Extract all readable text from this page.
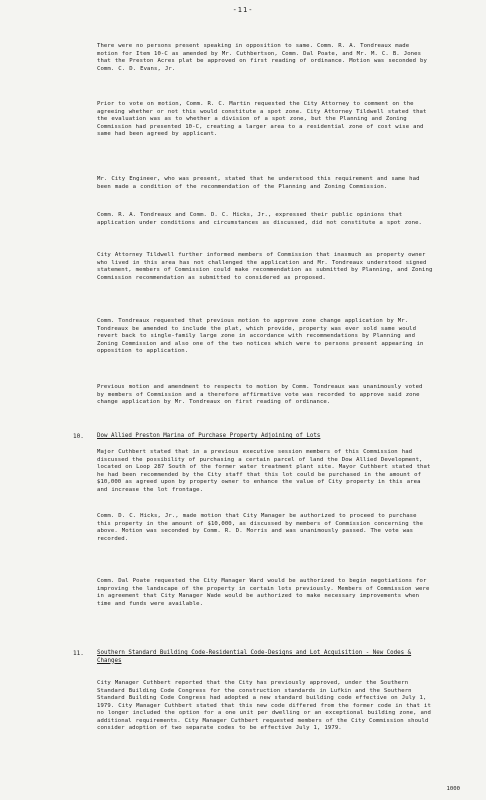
-11-

There were no persons present speaking in opposition to same. Comm. R. A. Tondreaux made motion for Item 10-C as amended by Mr. Cuthbertson, Comm. Dal Poate, and Mr. M. C. B. Jones that the Preston Acres plat be approved on first reading of ordinance. Motion was seconded by Comm. C. D. Evans, Jr.

Prior to vote on motion, Comm. R. C. Martin requested the City Attorney to comment on the agreeing whether or not this would constitute a spot zone. City Attorney Tildwell stated that the evaluation was as to whether a division of a spot zone, but the Planning and Zoning Commission had presented 10-C, creating a larger area to a residential zone of cost wise and same had been agreed by applicant.

Mr. City Engineer, who was present, stated that he understood this requirement and same had been made a condition of the recommendation of the Planning and Zoning Commission.

Comm. R. A. Tondreaux and Comm. D. C. Hicks, Jr., expressed their public opinions that application under conditions and circumstances as discussed, did not constitute a spot zone.

City Attorney Tildwell further informed members of Commission that inasmuch as property owner who lived in this area has not challenged the application and Mr. Tondreaux understood signed statement, members of Commission could make recommendation as submitted by Planning, and Zoning Commission recommendation as submitted to considered as proposed.

Comm. Tondreaux requested that previous motion to approve zone change application by Mr. Tondreaux be amended to include the plat, which provide, property was ever sold same would revert back to single-family large zone in accordance with recommendations by Planning and Zoning Commission and also one of the two notices which were to persons present appearing in opposition to application.

Previous motion and amendment to respects to motion by Comm. Tondreaux was unanimously voted by members of Commission and a therefore affirmative vote was recorded to approve said zone change application by Mr. Tondreaux on first reading of ordinance.

10. Dow Allied Preston Marina of Purchase Property Adjoining of Lots

Major Cuthbert stated that in a previous executive session members of this Commission had discussed the possibility of purchasing a certain parcel of land the Dow Allied Development, located on Loop 287 South of the former water treatment plant site. Mayor Cuthbert stated that he had been recommended by the City staff that this lot could be purchased in the amount of $10,000 as agreed upon by property owner to enhance the value of City property in this area and increase the lot frontage.

Comm. D. C. Hicks, Jr., made motion that City Manager be authorized to proceed to purchase this property in the amount of $10,000, as discussed by members of Commission concerning the above. Motion was seconded by Comm. R. D. Morris and was unanimously passed. The vote was recorded.

Comm. Dal Poate requested the City Manager Ward would be authorized to begin negotiations for improving the landscape of the property in certain lots previously. Members of Commission were in agreement that City Manager Wade would be authorized to make necessary improvements when time and funds were available.

11. Southern Standard Building Code-Residential Code-Designs and Lot Acquisition - New Codes & Changes

City Manager Cuthbert reported that the City has previously approved, under the Southern Standard Building Code Congress for the construction standards in Lufkin and the Southern Standard Building Code Congress had adopted a new standard building code effective on July 1, 1979. City Manager Cuthbert stated that this new code differed from the former code in that it no longer included the option for a one unit per dwelling or an exceptional building zone, and additional requirements. City Manager Cuthbert requested members of the City Commission should consider adoption of two separate codes to be effective July 1, 1979.

1000
